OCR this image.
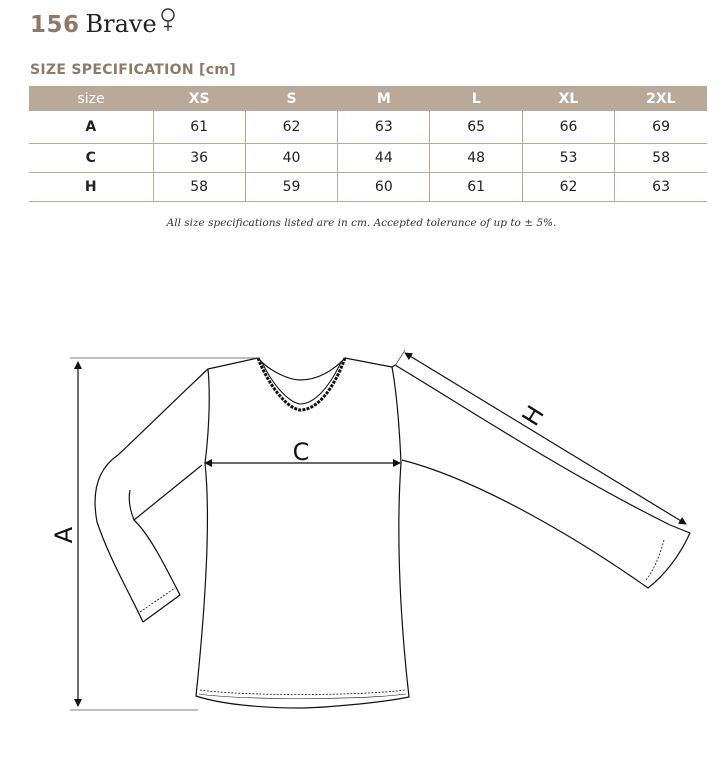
156 Brave
SIZE SPECIFICATION [cm]
size	XS	S	M	L	XL	2XL
A	61	62	63	65	66	69
C	36	40	44	48	53	58
H	58	59	60	61	62	63
All size specifications listed are in cm. Accepted tolerance of up to ± 5%.
A
C
H
